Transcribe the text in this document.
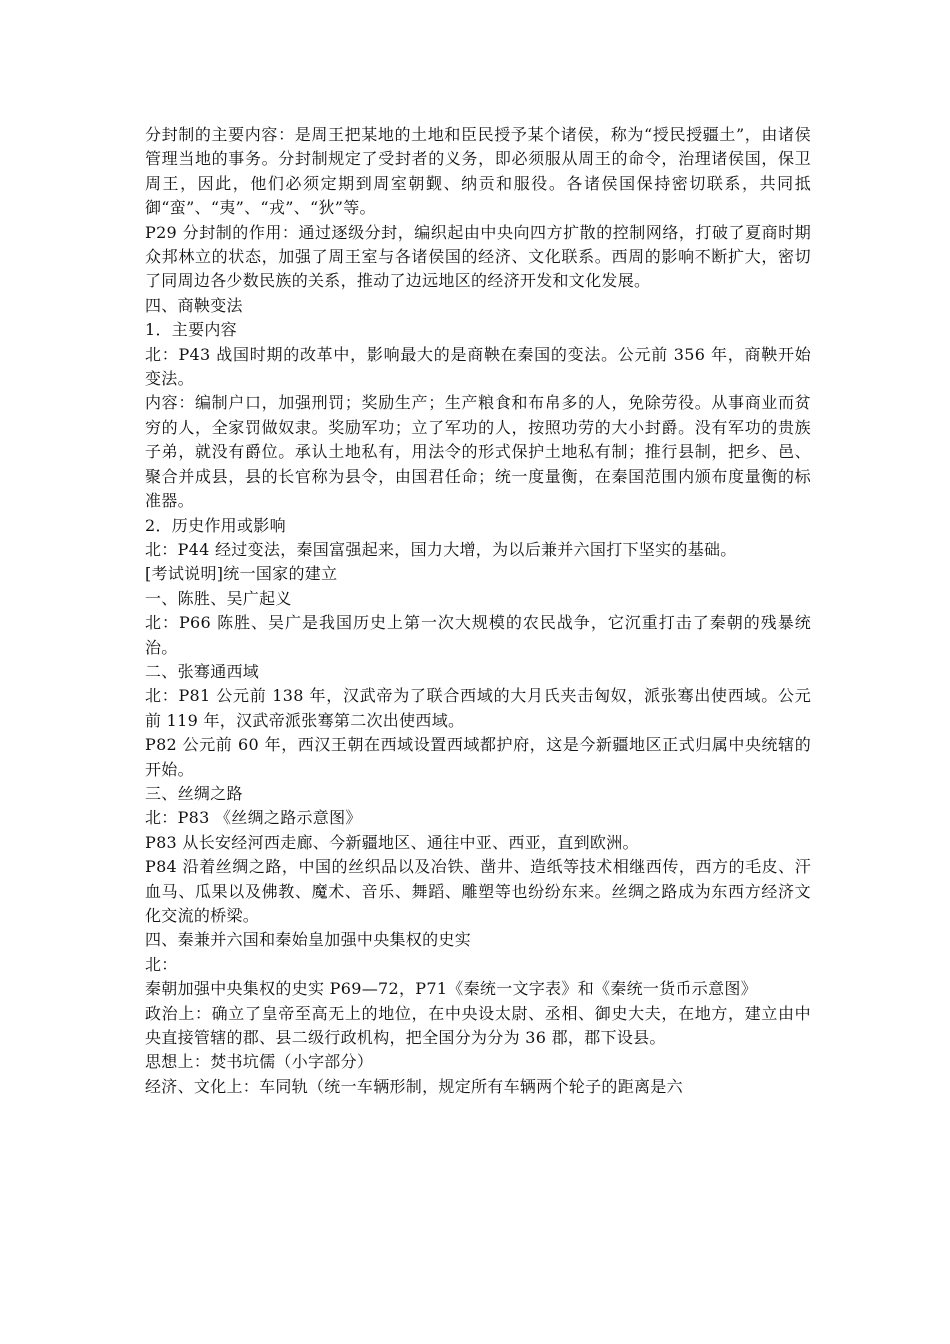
分封制的主要内容：是周王把某地的土地和臣民授予某个诸侯，称为“授民授疆土”，由诸侯管理当地的事务。分封制规定了受封者的义务，即必须服从周王的命令，治理诸侯国，保卫周王，因此，他们必须定期到周室朝觐、纳贡和服役。各诸侯国保持密切联系，共同抵御“蛮”、“夷”、“戎”、“狄”等。

P29 分封制的作用：通过逐级分封，编织起由中央向四方扩散的控制网络，打破了夏商时期众邦林立的状态，加强了周王室与各诸侯国的经济、文化联系。西周的影响不断扩大，密切了同周边各少数民族的关系，推动了边远地区的经济开发和文化发展。

四、商鞅变法

1．主要内容

北：P43 战国时期的改革中，影响最大的是商鞅在秦国的变法。公元前 356 年，商鞅开始变法。

内容：编制户口，加强刑罚；奖励生产；生产粮食和布帛多的人，免除劳役。从事商业而贫穷的人，全家罚做奴隶。奖励军功；立了军功的人，按照功劳的大小封爵。没有军功的贵族子弟，就没有爵位。承认土地私有，用法令的形式保护土地私有制；推行县制，把乡、邑、聚合并成县，县的长官称为县令，由国君任命；统一度量衡，在秦国范围内颁布度量衡的标准器。

2．历史作用或影响

北：P44 经过变法，秦国富强起来，国力大增，为以后兼并六国打下坚实的基础。

[考试说明]统一国家的建立

一、陈胜、吴广起义

北：P66 陈胜、吴广是我国历史上第一次大规模的农民战争，它沉重打击了秦朝的残暴统治。

二、张骞通西域

北：P81 公元前 138 年，汉武帝为了联合西域的大月氏夹击匈奴，派张骞出使西域。公元前 119 年，汉武帝派张骞第二次出使西域。

P82 公元前 60 年，西汉王朝在西域设置西域都护府，这是今新疆地区正式归属中央统辖的开始。

三、丝绸之路

北：P83 《丝绸之路示意图》

P83 从长安经河西走廊、今新疆地区、通往中亚、西亚，直到欧洲。

P84 沿着丝绸之路，中国的丝织品以及冶铁、凿井、造纸等技术相继西传，西方的毛皮、汗血马、瓜果以及佛教、魔术、音乐、舞蹈、雕塑等也纷纷东来。丝绸之路成为东西方经济文化交流的桥梁。

四、秦兼并六国和秦始皇加强中央集权的史实

北：

秦朝加强中央集权的史实 P69—72，P71《秦统一文字表》和《秦统一货币示意图》

政治上：确立了皇帝至高无上的地位，在中央设太尉、丞相、御史大夫，在地方，建立由中央直接管辖的郡、县二级行政机构，把全国分为分为 36 郡，郡下设县。

思想上：焚书坑儒（小字部分）

经济、文化上：车同轨（统一车辆形制，规定所有车辆两个轮子的距离是六
